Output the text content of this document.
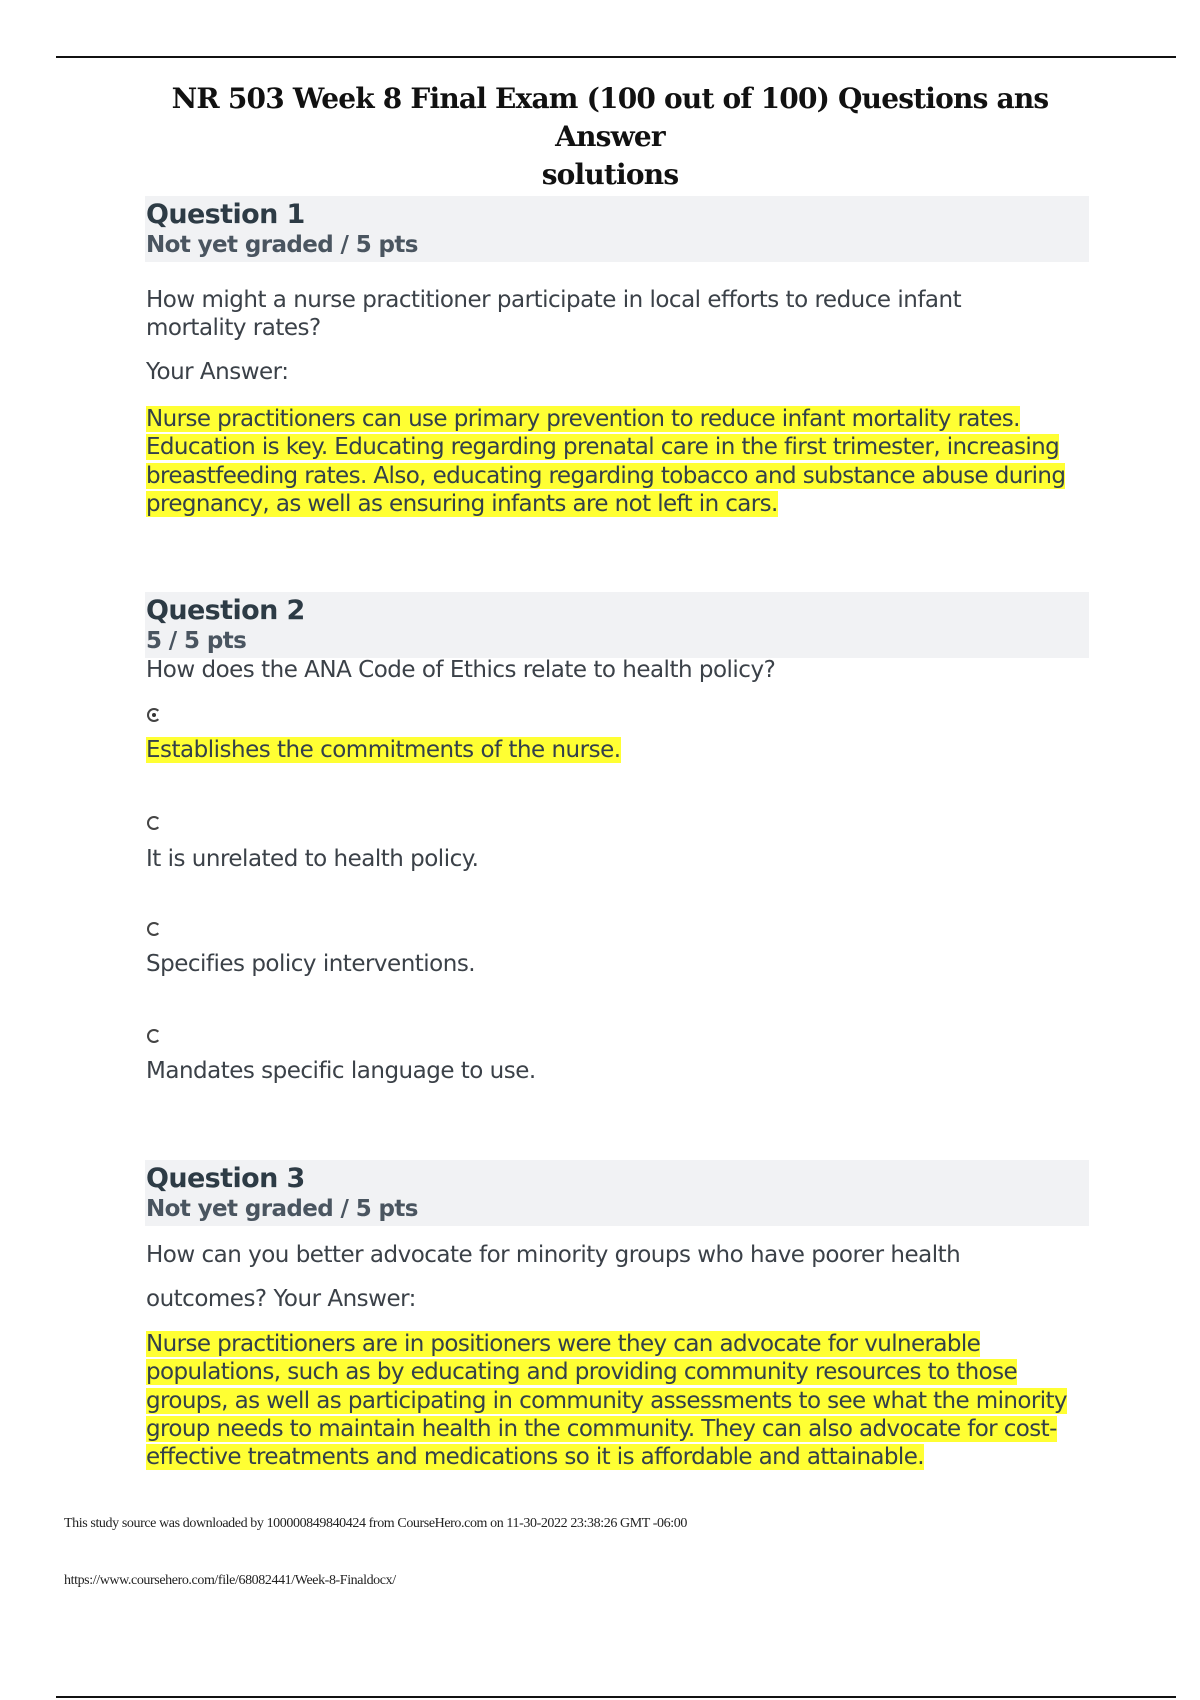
NR 503 Week 8 Final Exam (100 out of 100) Questions ans Answer
solutions
Question 1
Not yet graded / 5 pts
How might a nurse practitioner participate in local efforts to reduce infant mortality rates?
Your Answer:
Nurse practitioners can use primary prevention to reduce infant mortality rates. Education is key. Educating regarding prenatal care in the first trimester, increasing breastfeeding rates. Also, educating regarding tobacco and substance abuse during pregnancy, as well as ensuring infants are not left in cars.
Question 2
5 / 5 pts
How does the ANA Code of Ethics relate to health policy?
Establishes the commitments of the nurse.
It is unrelated to health policy.
Specifies policy interventions.
Mandates specific language to use.
Question 3
Not yet graded / 5 pts
How can you better advocate for minority groups who have poorer health
outcomes? Your Answer:
Nurse practitioners are in positioners were they can advocate for vulnerable populations, such as by educating and providing community resources to those groups, as well as participating in community assessments to see what the minority group needs to maintain health in the community. They can also advocate for cost-effective treatments and medications so it is affordable and attainable.
This study source was downloaded by 100000849840424 from CourseHero.com on 11-30-2022 23:38:26 GMT -06:00
https://www.coursehero.com/file/68082441/Week-8-Finaldocx/
